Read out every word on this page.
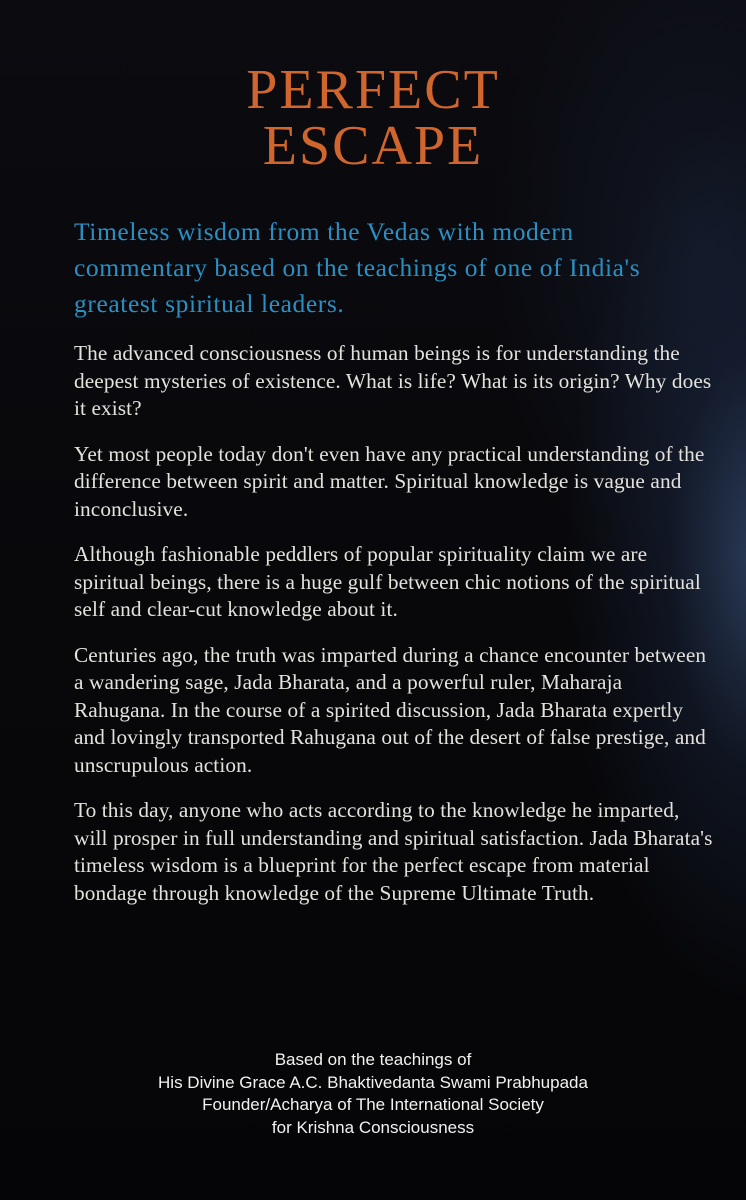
PERFECT
ESCAPE

Timeless wisdom from the Vedas with modern commentary based on the teachings of one of India's greatest spiritual leaders.

The advanced consciousness of human beings is for understanding the deepest mysteries of existence. What is life? What is its origin? Why does it exist?

Yet most people today don't even have any practical understanding of the difference between spirit and matter. Spiritual knowledge is vague and inconclusive.

Although fashionable peddlers of popular spirituality claim we are spiritual beings, there is a huge gulf between chic notions of the spiritual self and clear-cut knowledge about it.

Centuries ago, the truth was imparted during a chance encounter between a wandering sage, Jada Bharata, and a powerful ruler, Maharaja Rahugana. In the course of a spirited discussion, Jada Bharata expertly and lovingly transported Rahugana out of the desert of false prestige, and unscrupulous action.

To this day, anyone who acts according to the knowledge he imparted, will prosper in full understanding and spiritual satisfaction. Jada Bharata's timeless wisdom is a blueprint for the perfect escape from material bondage through knowledge of the Supreme Ultimate Truth.

Based on the teachings of
His Divine Grace A.C. Bhaktivedanta Swami Prabhupada
Founder/Acharya of The International Society
for Krishna Consciousness
